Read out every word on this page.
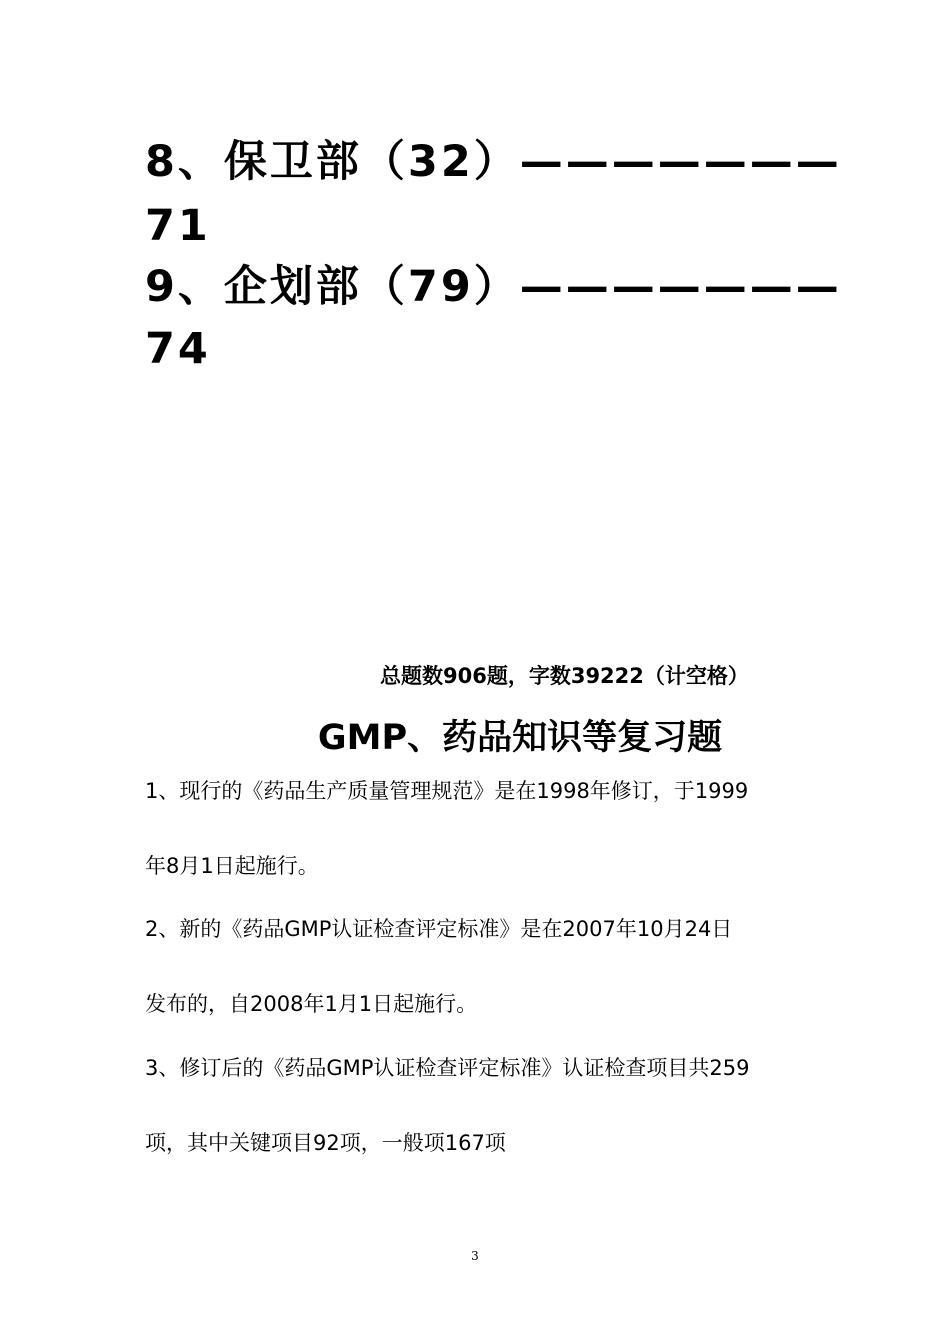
8、保卫部（32）———————
71
9、企划部（79）———————
74
总题数906题，字数39222（计空格）
GMP、药品知识等复习题
1、现行的《药品生产质量管理规范》是在1998年修订，于1999
年8月1日起施行。
2、新的《药品GMP认证检查评定标准》是在2007年10月24日
发布的，自2008年1月1日起施行。
3、修订后的《药品GMP认证检查评定标准》认证检查项目共259
项，其中关键项目92项，一般项167项
3
